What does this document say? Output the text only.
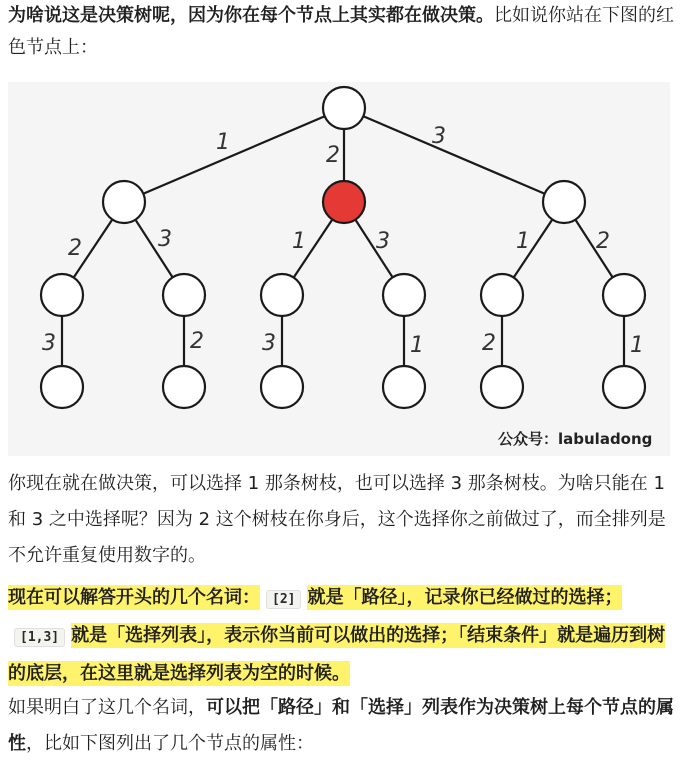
为啥说这是决策树呢，因为你在每个节点上其实都在做决策。比如说你站在下图的红色节点上：

1
2
3
2	3	1	3	1	2
3	2	3	1	2	1
公众号：labuladong

你现在就在做决策，可以选择 1 那条树枝，也可以选择 3 那条树枝。为啥只能在 1 和 3 之中选择呢？因为 2 这个树枝在你身后，这个选择你之前做过了，而全排列是不允许重复使用数字的。

现在可以解答开头的几个名词： [2] 就是「路径」，记录你已经做过的选择；[1,3] 就是「选择列表」，表示你当前可以做出的选择；「结束条件」就是遍历到树的底层，在这里就是选择列表为空的时候。

如果明白了这几个名词，可以把「路径」和「选择」列表作为决策树上每个节点的属性，比如下图列出了几个节点的属性：
